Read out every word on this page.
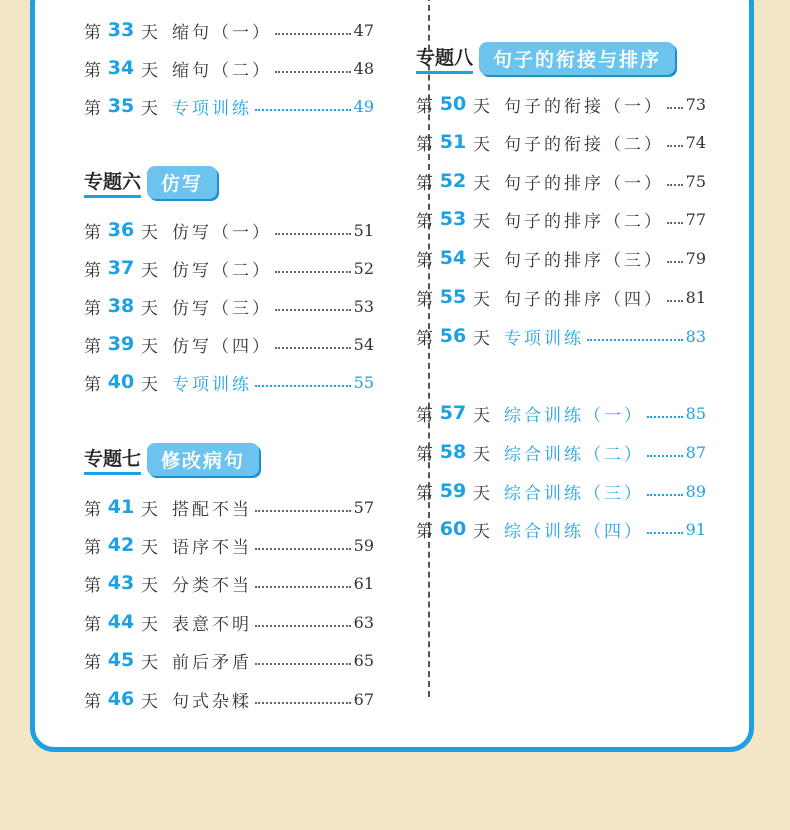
第 33 天 缩句（一）	47
第 34 天 缩句（二）	48
第 35 天 专项训练	49
专题六	仿写
第 36 天 仿写（一）	51
第 37 天 仿写（二）	52
第 38 天 仿写（三）	53
第 39 天 仿写（四）	54
第 40 天 专项训练	55
专题七	修改病句
第 41 天 搭配不当	57
第 42 天 语序不当	59
第 43 天 分类不当	61
第 44 天 表意不明	63
第 45 天 前后矛盾	65
第 46 天 句式杂糅	67
专题八	句子的衔接与排序
第 50 天 句子的衔接（一） 73
第 51 天 句子的衔接（二） 74
第 52 天 句子的排序（一） 75
第 53 天 句子的排序（二） 77
第 54 天 句子的排序（三） 79
第 55 天 句子的排序（四） 81
第 56 天 专项训练	83
第 57 天 综合训练（一）	85
第 58 天 综合训练（二）	87
第 59 天 综合训练（三）	89
第 60 天 综合训练（四）	91
